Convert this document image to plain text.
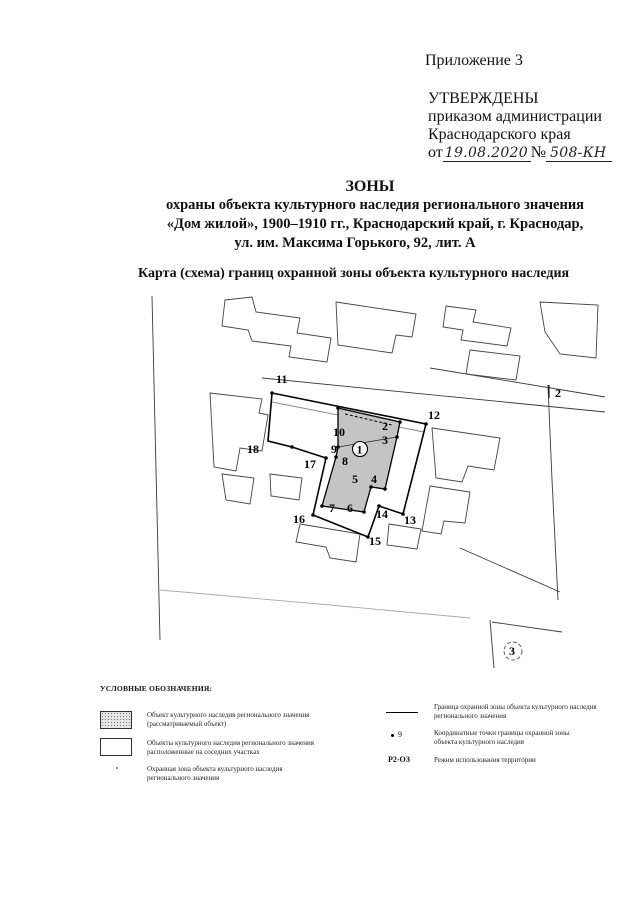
Приложение 3
УТВЕРЖДЕНЫ
приказом администрации
Краснодарского края
от 19.08.2020 № 508-КН
ЗОНЫ
охраны объекта культурного наследия регионального значения
«Дом жилой», 1900–1910 гг., Краснодарский край, г. Краснодар,
ул. им. Максима Горького, 92, лит. А
Карта (схема) границ охранной зоны объекта культурного наследия
11
12
10	2
3
9
8
17
18
5 4
16
7 6 14 13
15
1
2
3
УСЛОВНЫЕ ОБОЗНАЧЕНИЯ:
Объект культурного наследия регионального значения
(рассматриваемый объект)
Объекты культурного наследия регионального значения
расположенные на соседних участках
Охранная зона объекта культурного наследия
регионального значения
Граница охранной зоны объекта культурного наследия
регионального значения
9	Координатные точки границы охранной зоны
объекта культурного наследия
Р2-ОЗ	Режим использования территории
